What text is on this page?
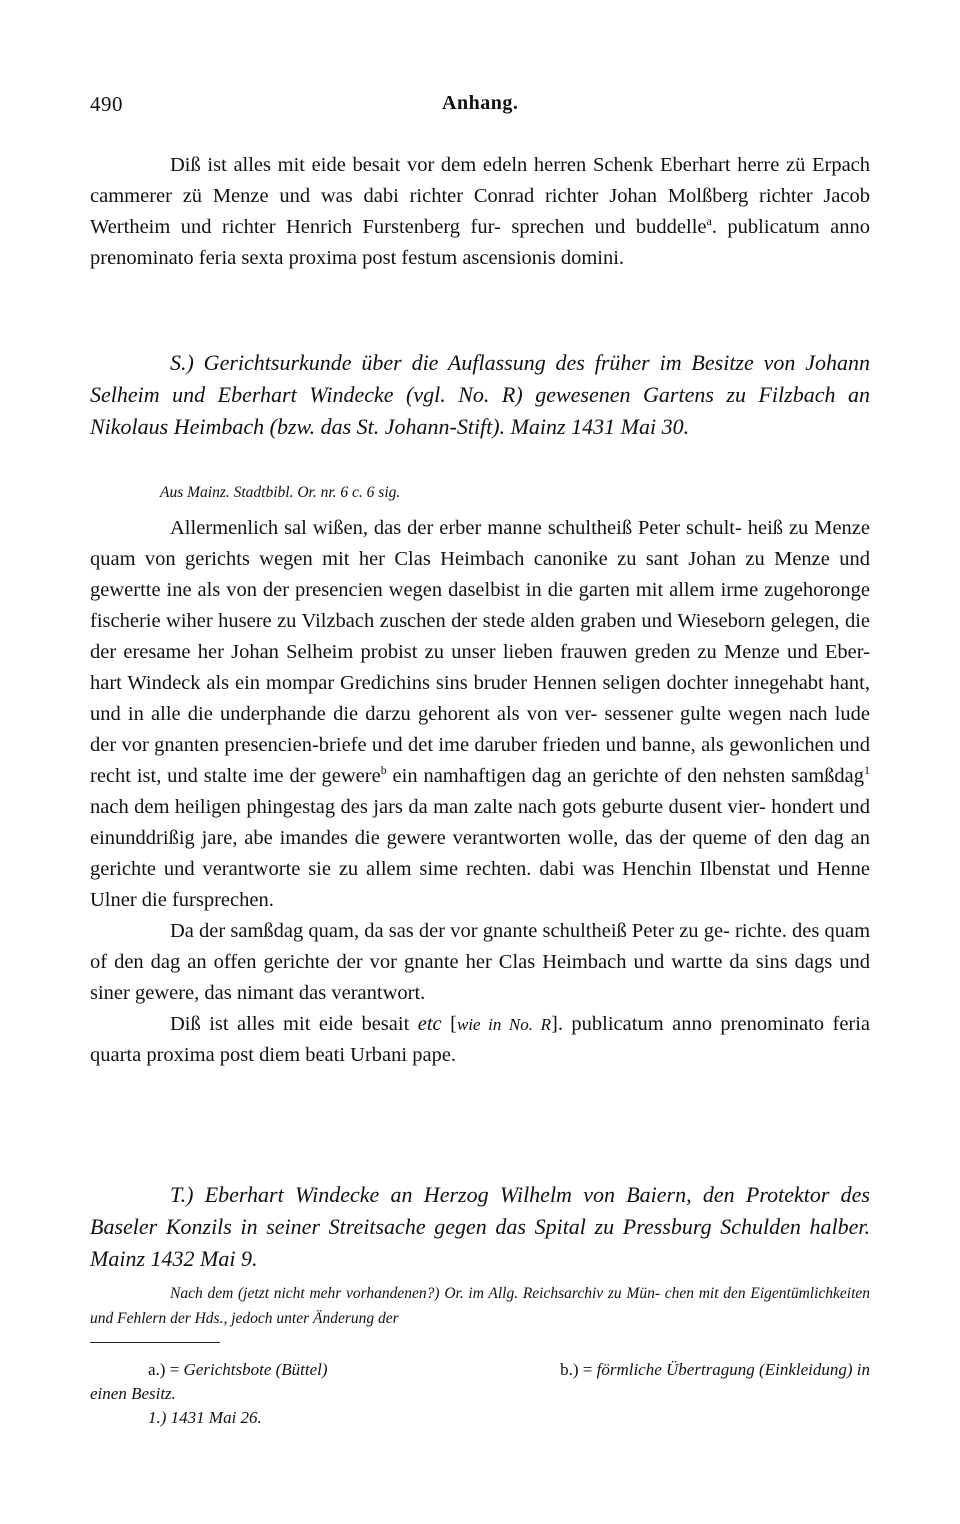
490	Anhang.

Diß ist alles mit eide besait vor dem edeln herren Schenk Eberhart herre zü Erpach cammerer zü Menze und was dabi richter Conrad richter Johan Molßberg richter Jacob Wertheim und richter Henrich Furstenberg fur- sprechen und buddelle$^a$. publicatum anno prenominato feria sexta proxima post festum ascensionis domini.

S.) Gerichtsurkunde über die Auflassung des früher im Besitze von Johann Selheim und Eberhart Windecke (vgl. No. R) gewesenen Gartens zu Filzbach an Nikolaus Heimbach (bzw. das St. Johann-Stift). Mainz 1431 Mai 30.

Aus Mainz. Stadtbibl. Or. nr. 6 c. 6 sig.

Allermenlich sal wißen, das der erber manne schultheiß Peter schult- heiß zu Menze quam von gerichts wegen mit her Clas Heimbach canonike zu sant Johan zu Menze und gewertte ine als von der presencien wegen daselbist in die garten mit allem irme zugehoronge fischerie wiher husere zu Vilzbach zuschen der stede alden graben und Wieseborn gelegen, die der eresame her Johan Selheim probist zu unser lieben frauwen greden zu Menze und Eber- hart Windeck als ein mompar Gredichins sins bruder Hennen seligen dochter innegehabt hant, und in alle die underphande die darzu gehorent als von ver- sessener gulte wegen nach lude der vor gnanten presencien-briefe und det ime daruber frieden und banne, als gewonlichen und recht ist, und stalte ime der gewere$^b$ ein namhaftigen dag an gerichte of den nehsten samßdag$^1$ nach dem heiligen phingestag des jars da man zalte nach gots geburte dusent vier- hondert und einunddrißig jare, abe imandes die gewere verantworten wolle, das der queme of den dag an gerichte und verantworte sie zu allem sime rechten. dabi was Henchin Ilbenstat und Henne Ulner die fursprechen.

Da der samßdag quam, da sas der vor gnante schultheiß Peter zu ge- richte. des quam of den dag an offen gerichte der vor gnante her Clas Heimbach und wartte da sins dags und siner gewere, das nimant das verantwort.

Diß ist alles mit eide besait etc [wie in No. R]. publicatum anno prenominato feria quarta proxima post diem beati Urbani pape.

T.) Eberhart Windecke an Herzog Wilhelm von Baiern, den Protektor des Baseler Konzils in seiner Streitsache gegen das Spital zu Pressburg Schulden halber. Mainz 1432 Mai 9.

Nach dem (jetzt nicht mehr vorhandenen?) Or. im Allg. Reichsarchiv zu Mün- chen mit den Eigentümlichkeiten und Fehlern der Hds., jedoch unter Änderung der

a.) = Gerichtsbote (Büttel)	b.) = förmliche Übertragung (Einkleidung) in
einen Besitz.
1.) 1431 Mai 26.
